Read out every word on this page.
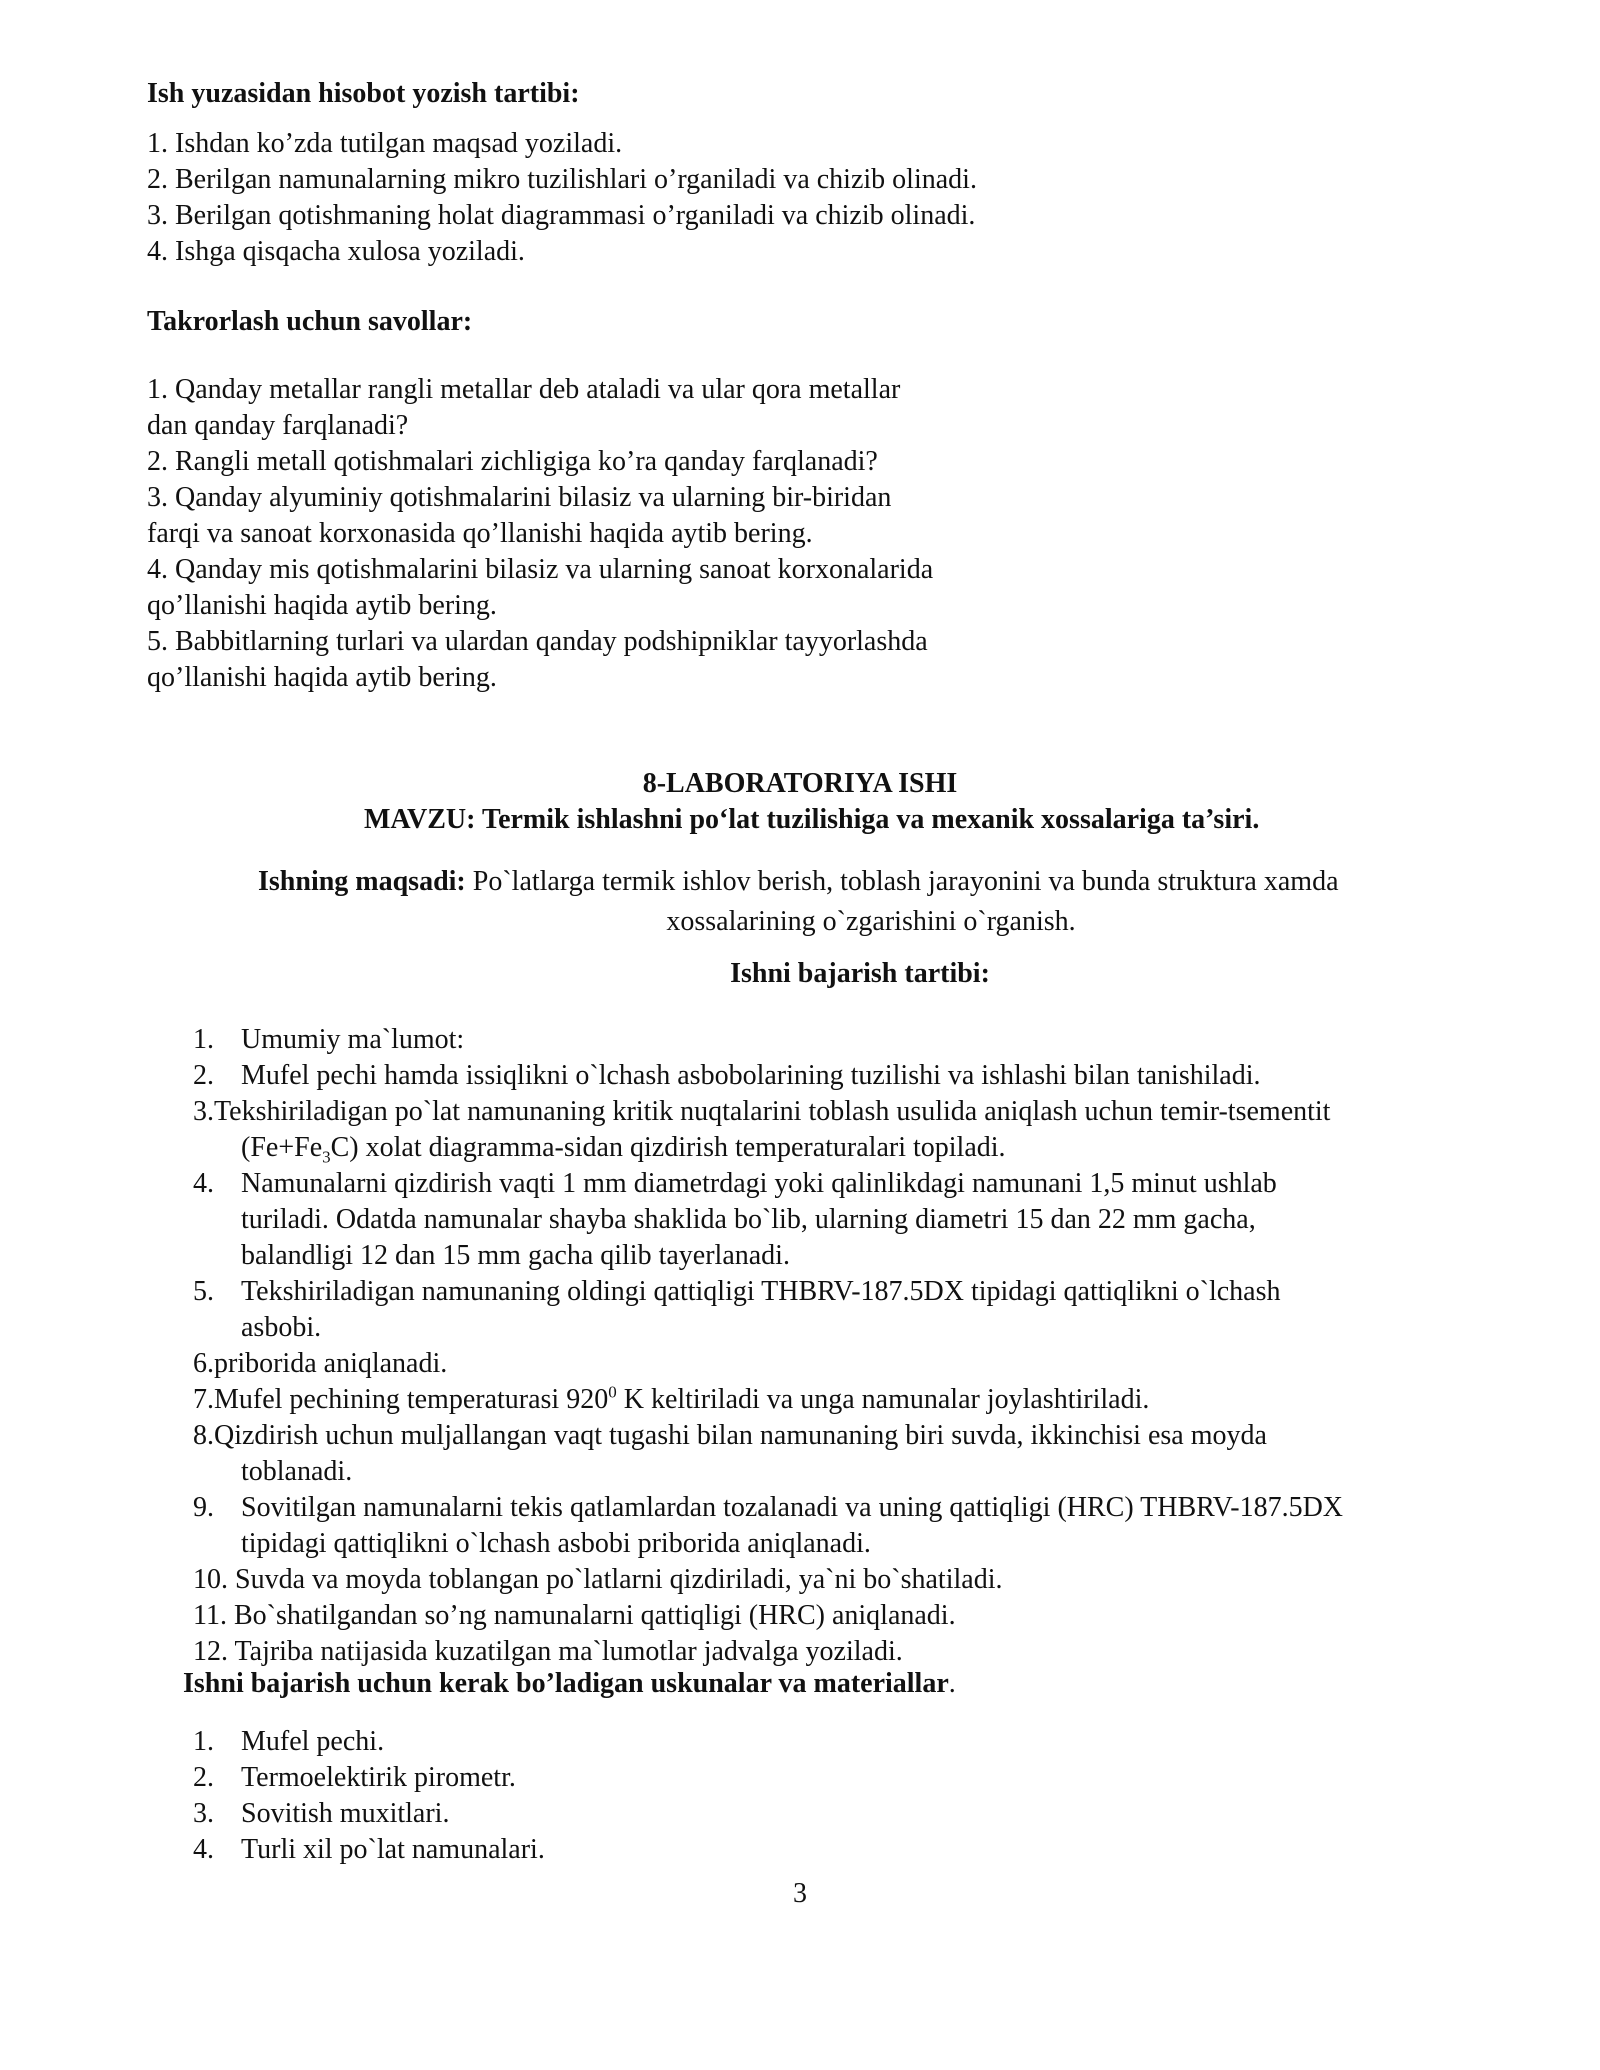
Ish yuzasidan hisobot yozish tartibi:
1. Ishdan ko’zda tutilgan maqsad yoziladi.
2. Berilgan namunalarning mikro tuzilishlari o’rganiladi va chizib olinadi.
3. Berilgan qotishmaning holat diagrammasi o’rganiladi va chizib olinadi.
4. Ishga qisqacha xulosa yoziladi.
Takrorlash uchun savollar:
1. Qanday metallar rangli metallar deb ataladi va ular qora metallar
dan qanday farqlanadi?
2. Rangli metall qotishmalari zichligiga ko’ra qanday farqlanadi?
3. Qanday alyuminiy qotishmalarini bilasiz va ularning bir-biridan
farqi va sanoat korxonasida qo’llanishi haqida aytib bering.
4. Qanday mis qotishmalarini bilasiz va ularning sanoat korxonalarida
qo’llanishi haqida aytib bering.
5. Babbitlarning turlari va ulardan qanday podshipniklar tayyorlashda
qo’llanishi haqida aytib bering.
8-LABORATORIYA ISHI
MAVZU: Termik ishlashni po‘lat tuzilishiga va mexanik xossalariga ta’siri.
Ishning maqsadi: Po`latlarga termik ishlov berish, toblash jarayonini va bunda struktura xamda
xossalarining o`zgarishini o`rganish.
Ishni bajarish tartibi:
1. Umumiy ma`lumot:
2. Mufel pechi hamda issiqlikni o`lchash asbobolarining tuzilishi va ishlashi bilan tanishiladi.
3.Tekshiriladigan po`lat namunaning kritik nuqtalarini toblash usulida aniqlash uchun temir-tsementit
$(Fe+Fe_3C)$ xolat diagramma-sidan qizdirish temperaturalari topiladi.
4. Namunalarni qizdirish vaqti 1 mm diametrdagi yoki qalinlikdagi namunani 1,5 minut ushlab
turiladi. Odatda namunalar shayba shaklida bo`lib, ularning diametri 15 dan 22 mm gacha,
balandligi 12 dan 15 mm gacha qilib tayerlanadi.
5. Tekshiriladigan namunaning oldingi qattiqligi THBRV-187.5DX tipidagi qattiqlikni o`lchash
asbobi.
6.priborida aniqlanadi.
7.Mufel pechining temperaturasi $920^0$ K keltiriladi va unga namunalar joylashtiriladi.
8.Qizdirish uchun muljallangan vaqt tugashi bilan namunaning biri suvda, ikkinchisi esa moyda
toblanadi.
9. Sovitilgan namunalarni tekis qatlamlardan tozalanadi va uning qattiqligi (HRC) THBRV-187.5DX
tipidagi qattiqlikni o`lchash asbobi priborida aniqlanadi.
10. Suvda va moyda toblangan po`latlarni qizdiriladi, ya`ni bo`shatiladi.
11. Bo`shatilgandan so’ng namunalarni qattiqligi (HRC) aniqlanadi.
12. Tajriba natijasida kuzatilgan ma`lumotlar jadvalga yoziladi.
Ishni bajarish uchun kerak bo’ladigan uskunalar va materiallar.
1. Mufel pechi.
2. Termoelektirik pirometr.
3. Sovitish muxitlari.
4. Turli xil po`lat namunalari.
3
